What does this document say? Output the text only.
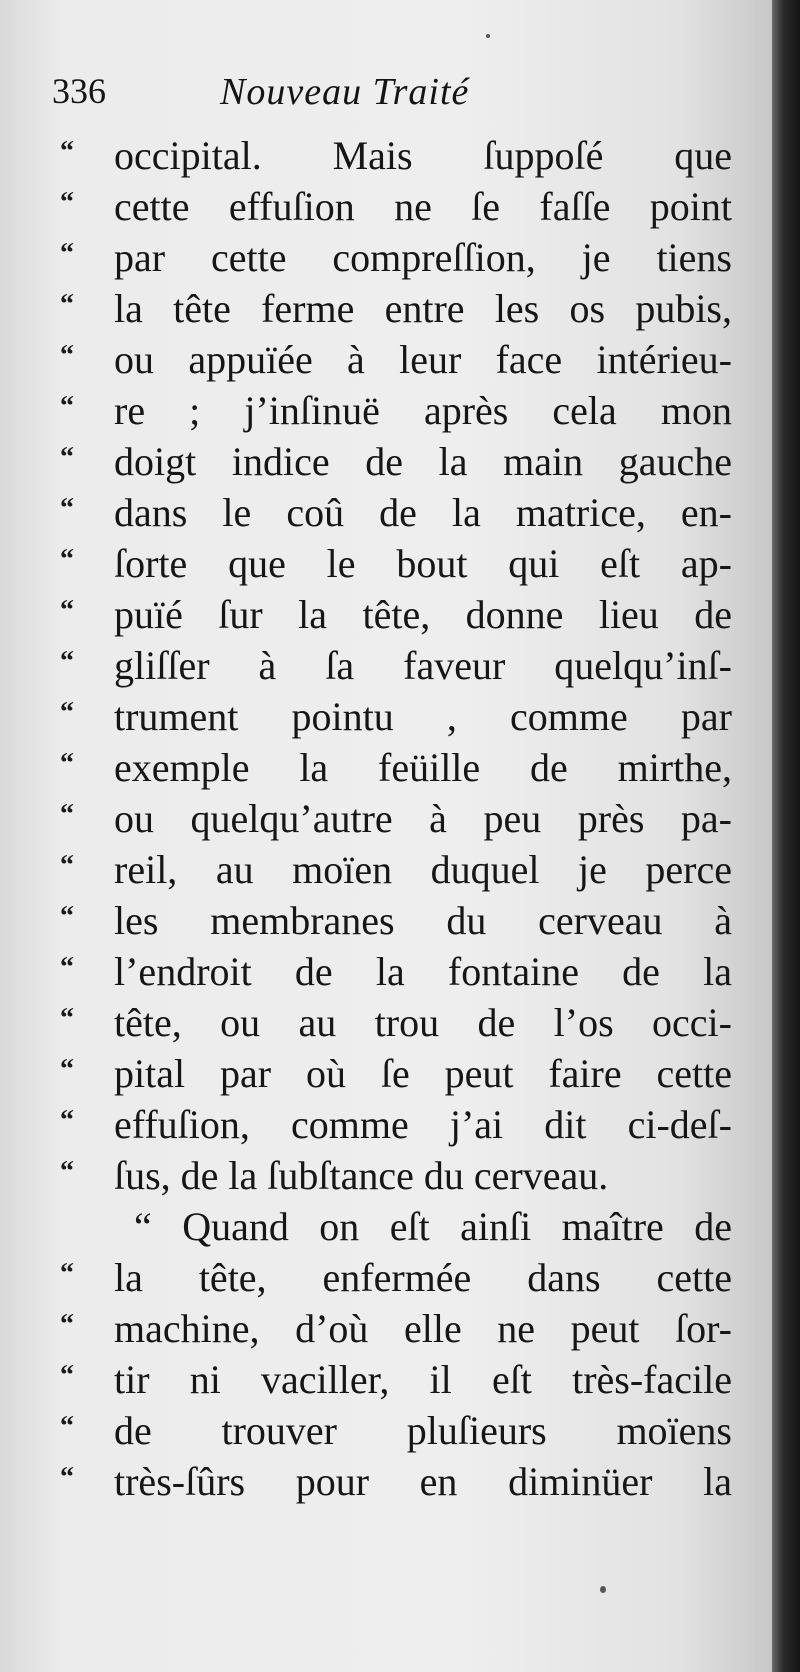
336	Nouveau Traité
“ occipital. Mais ſuppoſé que
“ cette effuſion ne ſe faſſe point
“ par cette compreſſion, je tiens
“ la tête ferme entre les os pubis,
“ ou appuïée à leur face intérieu-
“ re ; j’inſinuë après cela mon
“ doigt indice de la main gauche
“ dans le coû de la matrice, en-
“ ſorte que le bout qui eſt ap-
“ puïé ſur la tête, donne lieu de
“ gliſſer à ſa faveur quelqu’inſ-
“ trument pointu , comme par
“ exemple la feüille de mirthe,
“ ou quelqu’autre à peu près pa-
“ reil, au moïen duquel je perce
“ les membranes du cerveau à
“ l’endroit de la fontaine de la
“ tête, ou au trou de l’os occi-
“ pital par où ſe peut faire cette
“ effuſion, comme j’ai dit ci-deſ-
“ ſus, de la ſubſtance du cerveau.
“ Quand on eſt ainſi maître de
“ la tête, enfermée dans cette
“ machine, d’où elle ne peut ſor-
“ tir ni vaciller, il eſt très-facile
“ de trouver pluſieurs moïens
“ très-ſûrs pour en diminüer la
